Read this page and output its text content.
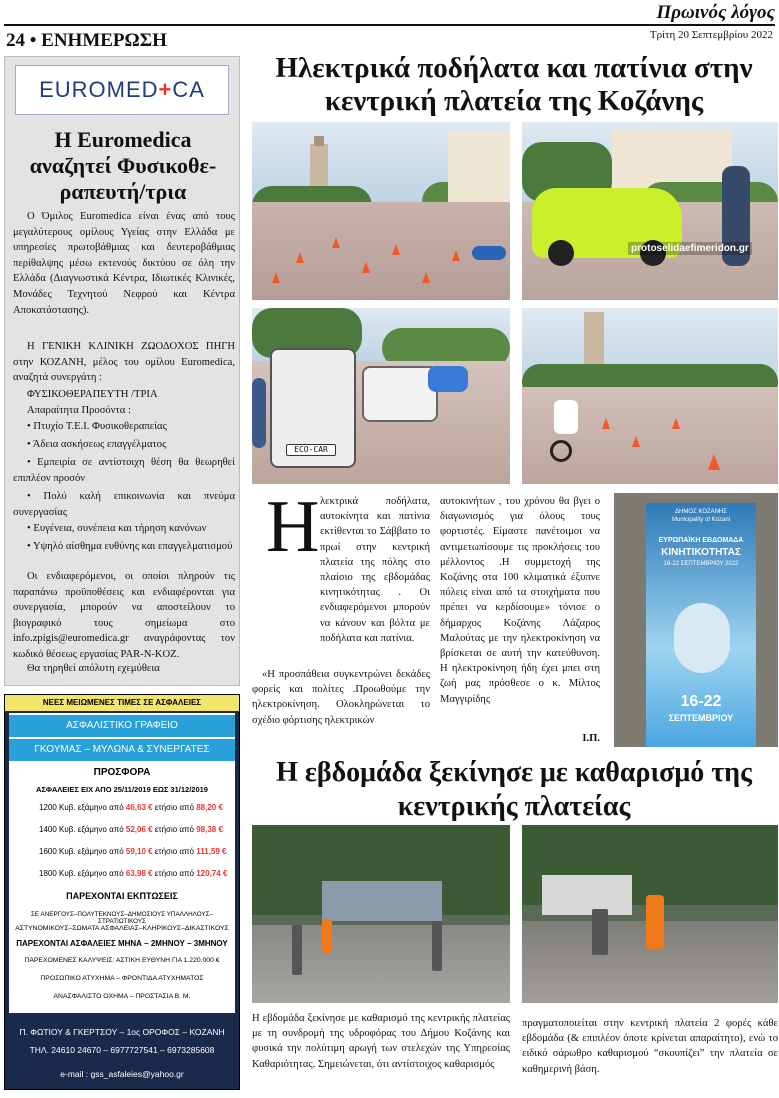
Πρωινός λόγος
24 • ΕΝΗΜΕΡΩΣΗ	Τρίτη 20 Σεπτεμβρίου 2022
EUROMED+CA
Η Euromedica αναζητεί Φυσικοθε-ραπευτή/τρια
Ο Όμιλος Euromedica είναι ένας από τους μεγαλύτερους ομίλους Υγείας στην Ελλάδα με υπηρεσίες πρωτοβάθμιας και δευτεροβάθμιας περίθαλψης μέσω εκτενούς δικτύου σε όλη την Ελλάδα (Διαγνωστικά Κέντρα, Ιδιωτικές Κλινικές, Μονάδες Τεχνητού Νεφρού και Κέντρα Αποκατάστασης).
Η ΓΕΝΙΚΗ ΚΛΙΝΙΚΗ ΖΩΟΔΟΧΟΣ ΠΗΓΗ στην ΚΟΖΑΝΗ, μέλος του ομίλου Euromedica, αναζητά συνεργάτη :
ΦΥΣΙΚΟΘΕΡΑΠΕΥΤΗ /ΤΡΙΑ
Απαραίτητα Προσόντα :
• Πτυχίο Τ.Ε.Ι. Φυσικοθεραπείας
• Άδεια ασκήσεως επαγγέλματος
• Εμπειρία σε αντίστοιχη θέση θα θεωρηθεί επιπλέον προσόν
• Πολύ καλή επικοινωνία και πνεύμα συνεργασίας
• Ευγένεια, συνέπεια και τήρηση κανόνων
• Υψηλό αίσθημα ευθύνης και επαγγελματισμού
Οι ενδιαφερόμενοι, οι οποίοι πληρούν τις παραπάνω προϋποθέσεις και ενδιαφέρονται για συνεργασία, μπορούν να αποστείλουν το βιογραφικό τους σημείωμα στο info.zpigis@euromedica.gr αναγράφοντας τον κωδικό θέσεως εργασίας PAR-N-KOZ.
Θα τηρηθεί απόλυτη εχεμύθεια
ΝΕΕΣ ΜΕΙΩΜΕΝΕΣ ΤΙΜΕΣ ΣΕ ΑΣΦΑΛΕΙΕΣ
ΑΣΦΑΛΙΣΤΙΚΟ ΓΡΑΦΕΙΟ
ΓΚΟΥΜΑΣ – ΜΥΛΩΝΑ & ΣΥΝΕΡΓΑΤΕΣ
ΠΡΟΣΦΟΡΑ
ΑΣΦΑΛΕΙΕΣ ΕΙΧ ΑΠΟ 25/11/2019 ΕΩΣ 31/12/2019
1200 Κυβ. εξάμηνο από 46,63 € ετήσιο από 88,20 €
1400 Κυβ. εξάμηνο από 52,06 € ετήσιο από 98,38 €
1600 Κυβ. εξάμηνο από 59,10 € ετήσιο από 111,59 €
1800 Κυβ. εξάμηνο από 63,98 € ετήσιο από 120,74 €
ΠΑΡΕΧΟΝΤΑΙ ΕΚΠΤΩΣΕΙΣ
ΣΕ ΑΝΕΡΓΟΥΣ–ΠΟΛΥΤΕΚΝΟΥΣ–ΔΗΜΟΣΙΟΥΣ ΥΠΑΛΛΗΛΟΥΣ–ΣΤΡΑΤΙΩΤΙΚΟΥΣ
ΑΣΤΥΝΟΜΙΚΟΥΣ–ΣΩΜΑΤΑ ΑΣΦΑΛΕΙΑΣ–ΚΛΗΡΙΚΟΥΣ–ΔΙΚΑΣΤΙΚΟΥΣ
ΠΑΡΕΧΟΝΤΑΙ ΑΣΦΑΛΕΙΕΣ ΜΗΝΑ – 2ΜΗΝΟΥ – 3ΜΗΝΟΥ
ΠΑΡΕΧΟΜΕΝΕΣ ΚΑΛΥΨΕΙΣ: ΑΣΤΙΚΗ ΕΥΘΥΝΗ ΓΙΑ 1.220.000 €
ΠΡΟΣΩΠΙΚΟ ΑΤΥΧΗΜΑ – ΦΡΟΝΤΙΔΑ ΑΤΥΧΗΜΑΤΟΣ
ΑΝΑΣΦΑΛΙΣΤΟ ΟΧΗΜΑ – ΠΡΟΣΤΑΣΙΑ Β. Μ.
Π. ΦΩΤΙΟΥ & ΓΚΕΡΤΣΟΥ – 1ος ΟΡΟΦΟΣ – ΚΟΖΑΝΗ
ΤΗΛ. 24610 24670 – 6977727541 – 6973285608
e-mail : gss_asfaleies@yahoo.gr
Ηλεκτρικά ποδήλατα και πατίνια στην κεντρική πλατεία της Κοζάνης
protoselidaefimeridon.gr
ECO-CAR
Η λεκτρικά ποδήλατα, αυτοκίνητα και πατίνια εκτίθενται το Σάββατο το πρωί στην κεντρική πλατεία της πόλης στο πλαίσιο της εβδομάδας κινητικότητας . Οι ενδιαφερόμενοι μπορούν να κάνουν και βόλτα με ποδήλατα και πατίνια.
«Η προσπάθεια συγκεντρώνει δεκάδες φορείς και πολίτες .Προωθούμε την ηλεκτροκίνηση. Ολοκληρώνεται το σχέδιο φόρτισης ηλεκτρικών
αυτοκινήτων , του χρόνου θα βγει ο διαγωνισμός για όλους τους φορτιστές. Είμαστε πανέτοιμοι να αντιμετωπίσουμε τις προκλήσεις του μέλλοντος .Η συμμετοχή της Κοζάνης στα 100 κλιματικά έξυπνε πόλεις είναι από τα στοιχήματα που πρέπει να κερδίσουμε» τόνισε ο δήμαρχος Κοζάνης Λάζαρος Μαλούτας με την ηλεκτροκίνηση να βρίσκεται σε αυτή την κατεύθυνση. Η ηλεκτροκίνηση ήδη έχει μπει στη ζωή μας πρόσθεσε ο κ. Μίλτος Μαγγιρίδης
Ι.Π.
ΔΗΜΟΣ ΚΟΖΑΝΗΣ
Municipality of Kozani
ΕΥΡΩΠΑΪΚΗ ΕΒΔΟΜΑΔΑ
ΚΙΝΗΤΙΚΟΤΗΤΑΣ
16-22 ΣΕΠΤΕΜΒΡΙΟΥ 2022
16-22
ΣΕΠΤΕΜΒΡΙΟΥ
Η εβδομάδα ξεκίνησε με καθαρισμό της κεντρικής πλατείας
Η εβδομάδα ξεκίνησε με καθαρισμό της κεντρικής πλατείας με τη συνδρομή της υδροφόρας του Δήμου Κοζάνης και φυσικά την πολύτιμη αρωγή των στελεχών της Υπηρεσίας Καθαριότητας. Σημειώνεται, ότι αντίστοιχος καθαρισμός
πραγματοποιείται στην κεντρική πλατεία 2 φορές κάθε εβδομάδα (& επιπλέον όποτε κρίνεται απαραίτητο), ενώ το ειδικό σάρωθρο καθαρισμού “σκουπίζει” την πλατεία σε καθημερινή βάση.
